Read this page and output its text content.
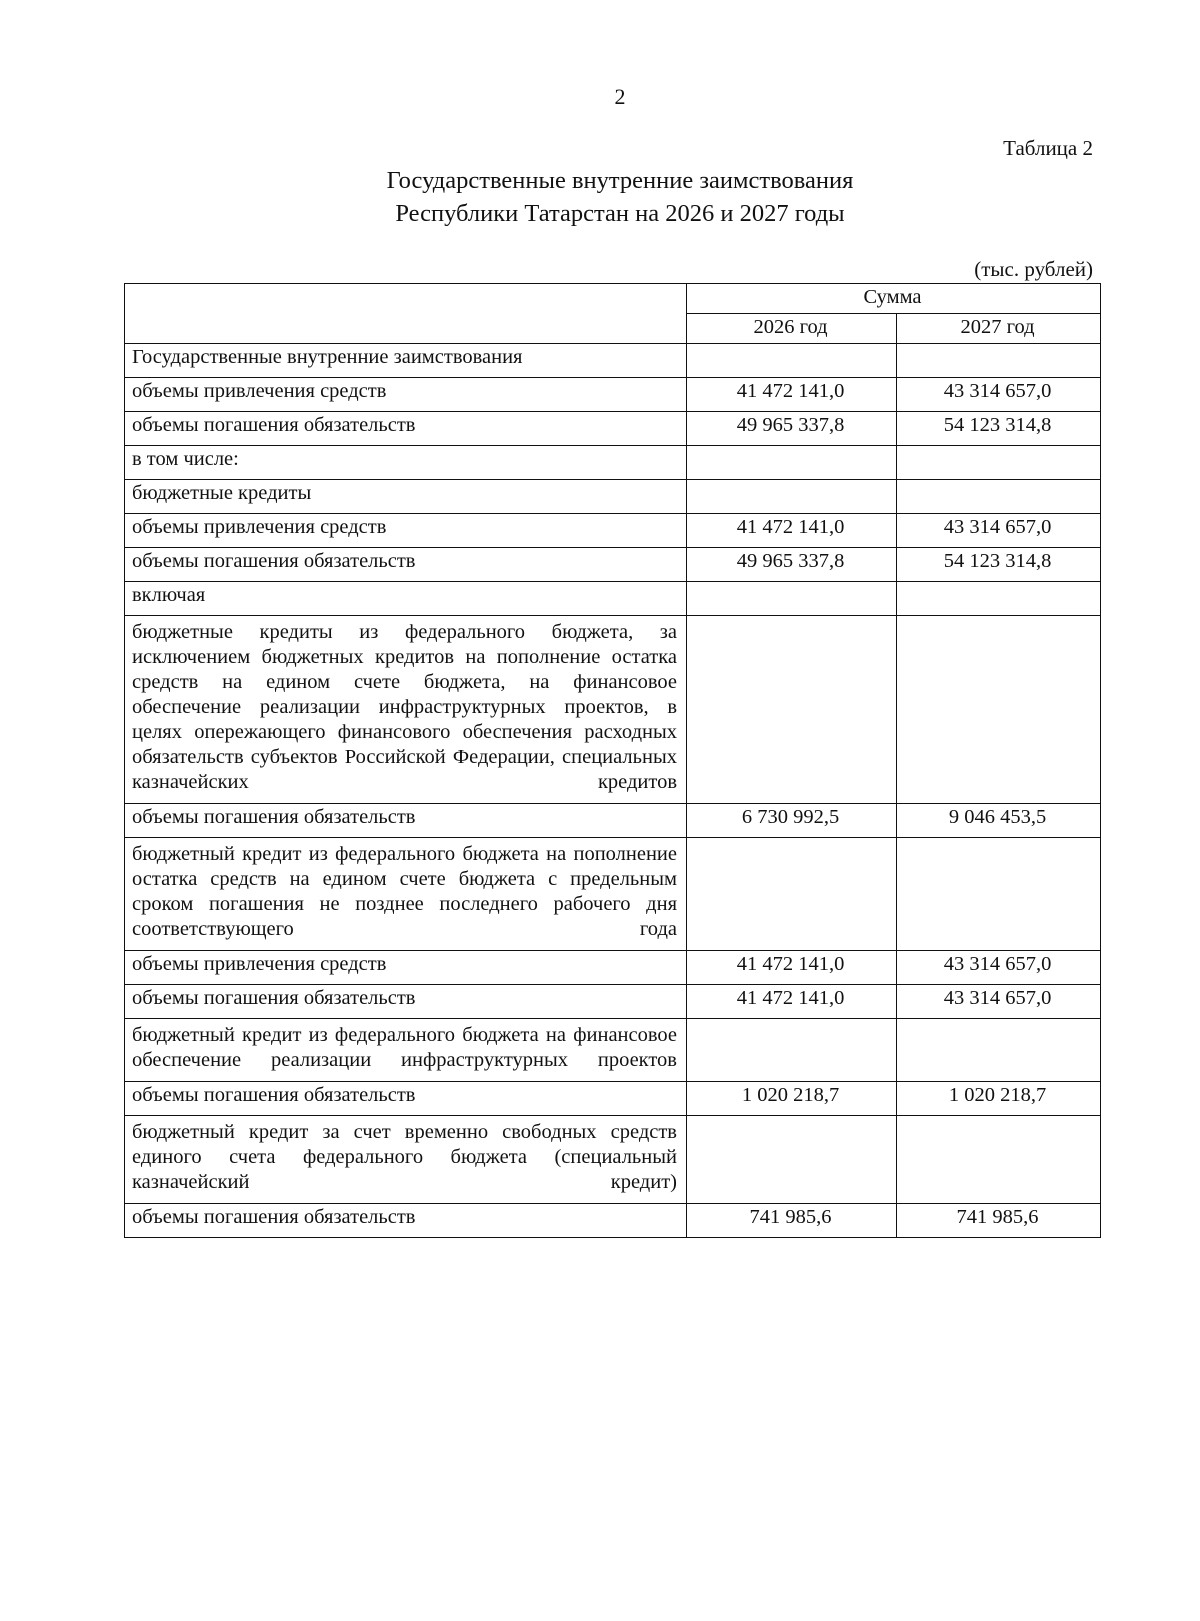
2
Таблица 2
Государственные внутренние заимствования
Республики Татарстан на 2026 и 2027 годы
(тыс. рублей)
	Сумма	
	2026 год	2027 год
Государственные внутренние заимствования		
объемы привлечения средств	41 472 141,0	43 314 657,0
объемы погашения обязательств	49 965 337,8	54 123 314,8
в том числе:		
бюджетные кредиты		
объемы привлечения средств	41 472 141,0	43 314 657,0
объемы погашения обязательств	49 965 337,8	54 123 314,8
включая		
бюджетные кредиты из федерального бюджета, за исключением бюджетных кредитов на пополнение остатка средств на едином счете бюджета, на финансовое обеспечение реализации инфраструктурных проектов, в целях опережающего финансового обеспечения расходных обязательств субъектов Российской Федерации, специальных казначейских кредитов		
объемы погашения обязательств	6 730 992,5	9 046 453,5
бюджетный кредит из федерального бюджета на пополнение остатка средств на едином счете бюджета с предельным сроком погашения не позднее последнего рабочего дня соответствующего года		
объемы привлечения средств	41 472 141,0	43 314 657,0
объемы погашения обязательств	41 472 141,0	43 314 657,0
бюджетный кредит из федерального бюджета на финансовое обеспечение реализации инфраструктурных проектов		
объемы погашения обязательств	1 020 218,7	1 020 218,7
бюджетный кредит за счет временно свободных средств единого счета федерального бюджета (специальный казначейский кредит)		
объемы погашения обязательств	741 985,6	741 985,6
